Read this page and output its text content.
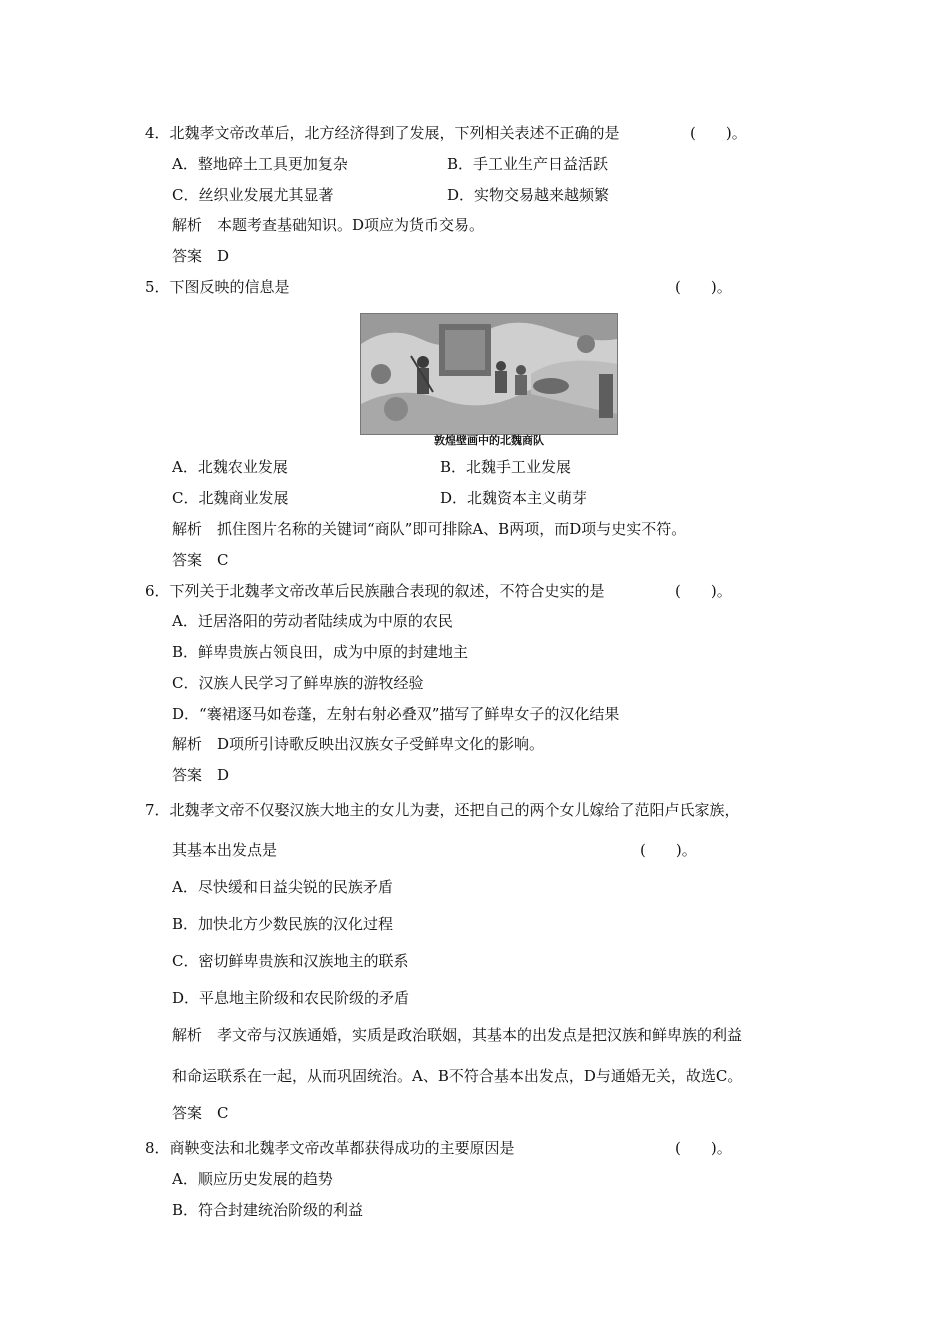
4．北魏孝文帝改革后，北方经济得到了发展，下列相关表述不正确的是	(　　)。
A．整地碎土工具更加复杂	B．手工业生产日益活跃
C．丝织业发展尤其显著	D．实物交易越来越频繁
解析　本题考查基础知识。D项应为货币交易。
答案　D
5．下图反映的信息是	(　　)。
敦煌壁画中的北魏商队
A．北魏农业发展	B．北魏手工业发展
C．北魏商业发展	D．北魏资本主义萌芽
解析　抓住图片名称的关键词“商队”即可排除A、B两项，而D项与史实不符。
答案　C
6．下列关于北魏孝文帝改革后民族融合表现的叙述，不符合史实的是	(　　)。
A．迁居洛阳的劳动者陆续成为中原的农民
B．鲜卑贵族占领良田，成为中原的封建地主
C．汉族人民学习了鲜卑族的游牧经验
D．“褰裙逐马如卷蓬，左射右射必叠双”描写了鲜卑女子的汉化结果
解析　D项所引诗歌反映出汉族女子受鲜卑文化的影响。
答案　D
7．北魏孝文帝不仅娶汉族大地主的女儿为妻，还把自己的两个女儿嫁给了范阳卢氏家族，
其基本出发点是	(　　)。
A．尽快缓和日益尖锐的民族矛盾
B．加快北方少数民族的汉化过程
C．密切鲜卑贵族和汉族地主的联系
D．平息地主阶级和农民阶级的矛盾
解析　孝文帝与汉族通婚，实质是政治联姻，其基本的出发点是把汉族和鲜卑族的利益
和命运联系在一起，从而巩固统治。A、B不符合基本出发点，D与通婚无关，故选C。
答案　C
8．商鞅变法和北魏孝文帝改革都获得成功的主要原因是	(　　)。
A．顺应历史发展的趋势
B．符合封建统治阶级的利益
